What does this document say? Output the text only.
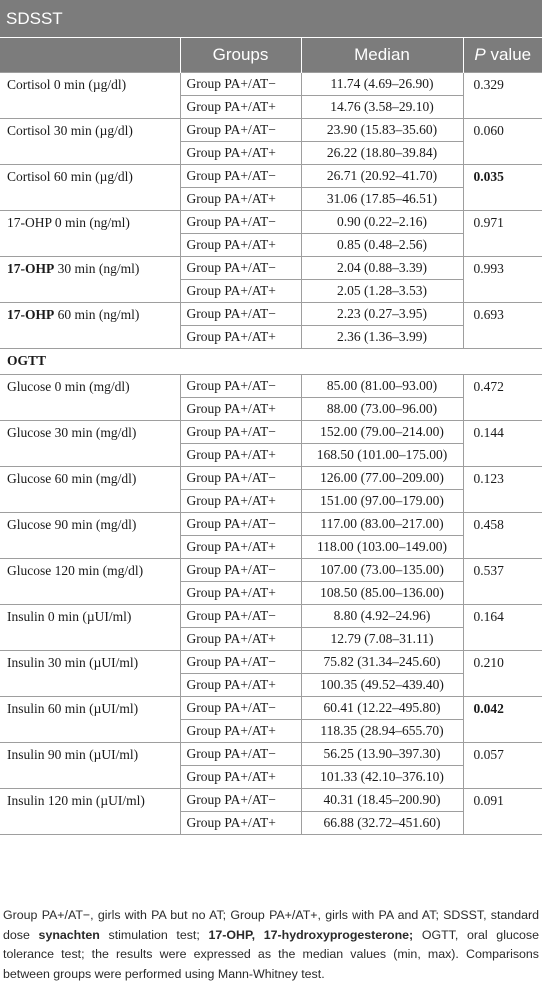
SDSST
	Groups	Median	P value
Cortisol 0 min (µg/dl)	Group PA+/AT−	11.74 (4.69–26.90)	0.329
	Group PA+/AT+	14.76 (3.58–29.10)	
Cortisol 30 min (µg/dl)	Group PA+/AT−	23.90 (15.83–35.60)	0.060
	Group PA+/AT+	26.22 (18.80–39.84)	
Cortisol 60 min (µg/dl)	Group PA+/AT−	26.71 (20.92–41.70)	0.035
	Group PA+/AT+	31.06 (17.85–46.51)	
17-OHP 0 min (ng/ml)	Group PA+/AT−	0.90 (0.22–2.16)	0.971
	Group PA+/AT+	0.85 (0.48–2.56)	
17-OHP 30 min (ng/ml)	Group PA+/AT−	2.04 (0.88–3.39)	0.993
	Group PA+/AT+	2.05 (1.28–3.53)	
17-OHP 60 min (ng/ml)	Group PA+/AT−	2.23 (0.27–3.95)	0.693
	Group PA+/AT+	2.36 (1.36–3.99)	
OGTT			
Glucose 0 min (mg/dl)	Group PA+/AT−	85.00 (81.00–93.00)	0.472
	Group PA+/AT+	88.00 (73.00–96.00)	
Glucose 30 min (mg/dl)	Group PA+/AT−	152.00 (79.00–214.00)	0.144
	Group PA+/AT+	168.50 (101.00–175.00)	
Glucose 60 min (mg/dl)	Group PA+/AT−	126.00 (77.00–209.00)	0.123
	Group PA+/AT+	151.00 (97.00–179.00)	
Glucose 90 min (mg/dl)	Group PA+/AT−	117.00 (83.00–217.00)	0.458
	Group PA+/AT+	118.00 (103.00–149.00)	
Glucose 120 min (mg/dl)	Group PA+/AT−	107.00 (73.00–135.00)	0.537
	Group PA+/AT+	108.50 (85.00–136.00)	
Insulin 0 min (µUI/ml)	Group PA+/AT−	8.80 (4.92–24.96)	0.164
	Group PA+/AT+	12.79 (7.08–31.11)	
Insulin 30 min (µUI/ml)	Group PA+/AT−	75.82 (31.34–245.60)	0.210
	Group PA+/AT+	100.35 (49.52–439.40)	
Insulin 60 min (µUI/ml)	Group PA+/AT−	60.41 (12.22–495.80)	0.042
	Group PA+/AT+	118.35 (28.94–655.70)	
Insulin 90 min (µUI/ml)	Group PA+/AT−	56.25 (13.90–397.30)	0.057
	Group PA+/AT+	101.33 (42.10–376.10)	
Insulin 120 min (µUI/ml)	Group PA+/AT−	40.31 (18.45–200.90)	0.091
	Group PA+/AT+	66.88 (32.72–451.60)	
Group PA+/AT−, girls with PA but no AT; Group PA+/AT+, girls with PA and AT; SDSST, standard dose synachten stimulation test; 17-OHP, 17-hydroxyprogesterone; OGTT, oral glucose tolerance test; the results were expressed as the median values (min, max). Comparisons between groups were performed using Mann-Whitney test.
